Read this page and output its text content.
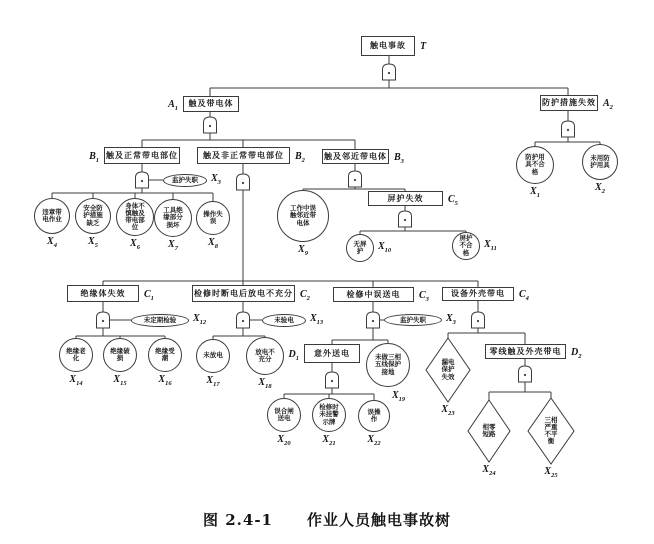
触电事故	T
触及带电体
$A_1$
防护措施失效 $A_2$
触及正常带电部位
$B_1$
触及非正常带电部位	$B_2$ 触及邻近带电体 $B_3$
屏护失效	$C_5$
绝缘体失效	$C_1$
检修时断电后放电不充分 $C_2$	检修中误送电	$C_3$
设备外壳带电	$C_4$
意外送电
$D_1$
零线触及外壳带电 $D_2$
监护失职	$X_3$
未定期检验	$X_{12}$	未验电	$X_{13}$	监护失职	$X_3$
防护用具不合格
$X_1$
未用防护用具
$X_2$
违章带电作业
$X_4$
安全防护措施缺乏
$X_5$
身体不慎触及带电部位
$X_6$
工具绝缘部分损坏
$X_7$
操作失误
$X_8$
工作中误触邻近带电体
$X_9$
无屏护	$X_{10}$
屏护不合格
$X_{11}$
绝缘老化
$X_{14}$
绝缘破损
$X_{15}$
绝缘受潮
$X_{16}$
未放电
$X_{17}$
放电不充分
$X_{18}$
未做三相五线保护接地
$X_{19}$
误合闸送电
$X_{20}$
检修时未挂警示牌
$X_{21}$
误操作
$X_{22}$
漏电保护失效
$X_{23}$
相零短路
$X_{24}$
三相严重不平衡
$X_{25}$
图 2.4-1 作业人员触电事故树
